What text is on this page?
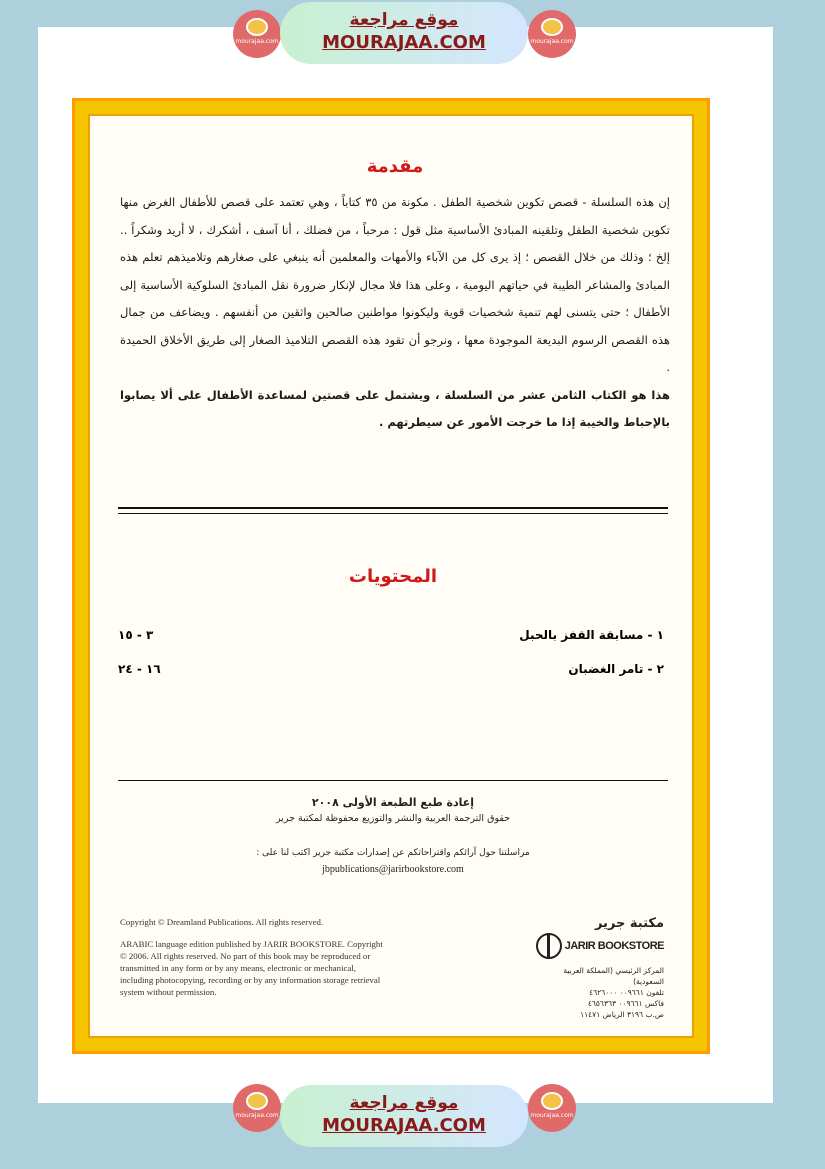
mourajaa.com
موقع مراجعة
MOURAJAA.COM	mourajaa.com
مقدمة

إن هذه السلسلة - قصص تكوين شخصية الطفل . مكونة من ٣٥ كتاباً ، وهي تعتمد على قصص للأطفال الغرض منها تكوين شخصية الطفل وتلقينه المبادئ الأساسية مثل قول : مرحباً ، من فضلك ، أنا آسف ، أشكرك ، لا أريد وشكراً .. إلخ ؛ وذلك من خلال القصص ؛ إذ يرى كل من الآباء والأمهات والمعلمين أنه ينبغي على صغارهم وتلاميذهم تعلم هذه المبادئ والمشاعر الطيبة في حياتهم اليومية ، وعلى هذا فلا مجال لإنكار ضرورة نقل المبادئ السلوكية الأساسية إلى الأطفال ؛ حتى يتسنى لهم تنمية شخصيات قوية وليكونوا مواطنين صالحين واثقين من أنفسهم . ويضاعف من جمال هذه القصص الرسوم البديعة الموجودة معها ، ونرجو أن تقود هذه القصص التلاميذ الصغار إلى طريق الأخلاق الحميدة .

هذا هو الكتاب الثامن عشر من السلسلة ، ويشتمل على قصتين لمساعدة الأطفال على ألا يصابوا بالإحباط والخيبة إذا ما خرجت الأمور عن سيطرتهم .

المحتويات
١ - مسابقة القفز بالحبل
٣ - ١٥
٢ - تامر الغضبان
١٦ - ٢٤
إعادة طبع الطبعة الأولى ٢٠٠٨
حقوق الترجمة العربية والنشر والتوزيع محفوظة لمكتبة جرير
مراسلتنا حول آرائكم واقتراحاتكم عن إصدارات مكتبة جرير اكتب لنا على :
jbpublications@jarirbookstore.com
Copyright © Dreamland Publications. All rights reserved.
ARABIC language edition published by JARIR BOOKSTORE. Copyright © 2006. All rights reserved. No part of this book may be reproduced or transmitted in any form or by any means, electronic or mechanical, including photocopying, recording or by any information storage retrieval system without permission.
مكتبة جرير
JARIR BOOKSTORE
المركز الرئيسي (المملكة العربية السعودية)
تلفون ٠٠٩٦٦١ ٤٦٢٦٠٠٠
فاكس ٠٠٩٦٦١ ٤٦٥٦٣٦٣
ص.ب ٣١٩٦ الرياض ١١٤٧١
mourajaa.com
موقع مراجعة
MOURAJAA.COM	mourajaa.com
